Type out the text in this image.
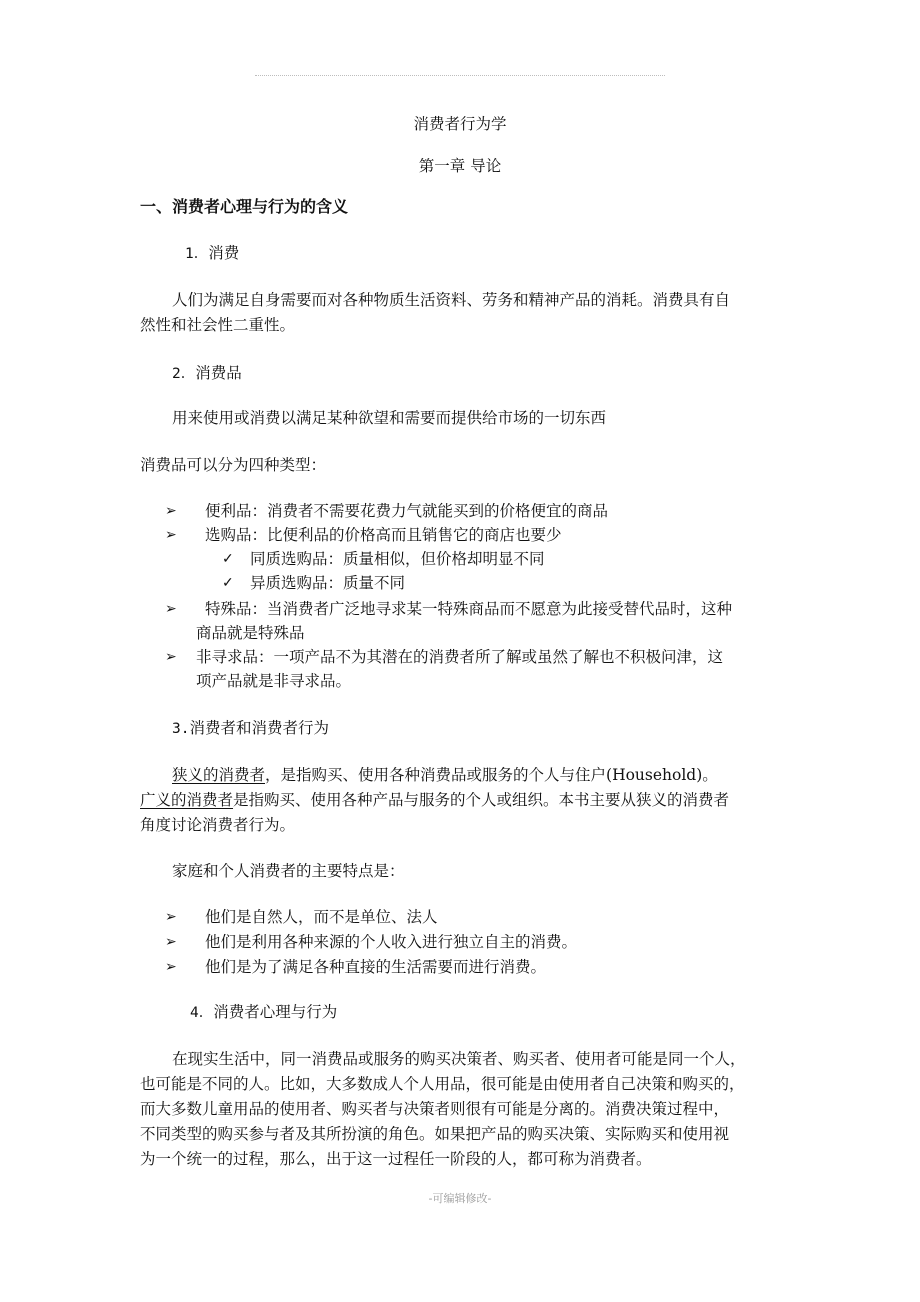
消费者行为学
第一章 导论
一、消费者心理与行为的含义
1．消费
人们为满足自身需要而对各种物质生活资料、劳务和精神产品的消耗。消费具有自
然性和社会性二重性。
2．消费品
用来使用或消费以满足某种欲望和需要而提供给市场的一切东西
消费品可以分为四种类型：
➢ 便利品：消费者不需要花费力气就能买到的价格便宜的商品
➢ 选购品：比便利品的价格高而且销售它的商店也要少
✓ 同质选购品：质量相似，但价格却明显不同
✓ 异质选购品：质量不同
➢ 特殊品：当消费者广泛地寻求某一特殊商品而不愿意为此接受替代品时，这种
商品就是特殊品
➢ 非寻求品：一项产品不为其潜在的消费者所了解或虽然了解也不积极问津，这
项产品就是非寻求品。
3.消费者和消费者行为
狭义的消费者，是指购买、使用各种消费品或服务的个人与住户(Household)。
广义的消费者是指购买、使用各种产品与服务的个人或组织。本书主要从狭义的消费者
角度讨论消费者行为。
家庭和个人消费者的主要特点是：
➢ 他们是自然人，而不是单位、法人
➢ 他们是利用各种来源的个人收入进行独立自主的消费。
➢ 他们是为了满足各种直接的生活需要而进行消费。
4．消费者心理与行为
在现实生活中，同一消费品或服务的购买决策者、购买者、使用者可能是同一个人，
也可能是不同的人。比如，大多数成人个人用品，很可能是由使用者自己决策和购买的，
而大多数儿童用品的使用者、购买者与决策者则很有可能是分离的。消费决策过程中，
不同类型的购买参与者及其所扮演的角色。如果把产品的购买决策、实际购买和使用视
为一个统一的过程，那么，出于这一过程任一阶段的人，都可称为消费者。
-可编辑修改-
